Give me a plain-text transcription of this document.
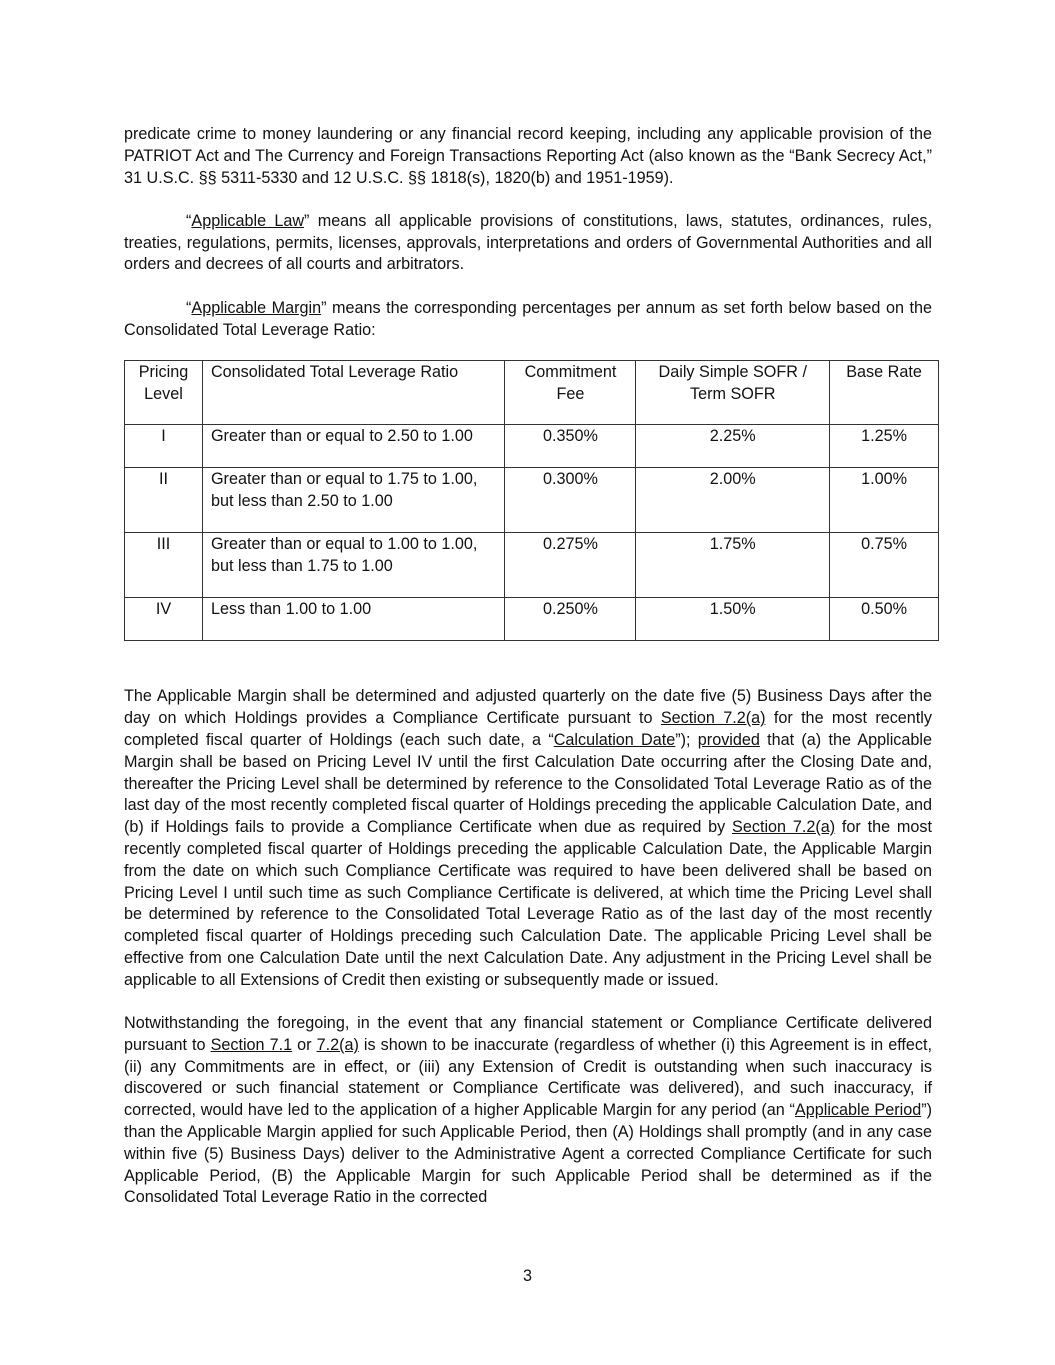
predicate crime to money laundering or any financial record keeping, including any applicable provision of the PATRIOT Act and The Currency and Foreign Transactions Reporting Act (also known as the “Bank Secrecy Act,” 31 U.S.C. §§ 5311-5330 and 12 U.S.C. §§ 1818(s), 1820(b) and 1951-1959).

“Applicable Law” means all applicable provisions of constitutions, laws, statutes, ordinances, rules, treaties, regulations, permits, licenses, approvals, interpretations and orders of Governmental Authorities and all orders and decrees of all courts and arbitrators.

“Applicable Margin” means the corresponding percentages per annum as set forth below based on the Consolidated Total Leverage Ratio:

Pricing Level	Consolidated Total Leverage Ratio	Commitment Fee	Daily Simple SOFR / Term SOFR	Base Rate
I	Greater than or equal to 2.50 to 1.00	0.350%	2.25%	1.25%
II	Greater than or equal to 1.75 to 1.00, but less than 2.50 to 1.00	0.300%	2.00%	1.00%
III	Greater than or equal to 1.00 to 1.00, but less than 1.75 to 1.00	0.275%	1.75%	0.75%
IV	Less than 1.00 to 1.00	0.250%	1.50%	0.50%

The Applicable Margin shall be determined and adjusted quarterly on the date five (5) Business Days after the day on which Holdings provides a Compliance Certificate pursuant to Section 7.2(a) for the most recently completed fiscal quarter of Holdings (each such date, a “Calculation Date”); provided that (a) the Applicable Margin shall be based on Pricing Level IV until the first Calculation Date occurring after the Closing Date and, thereafter the Pricing Level shall be determined by reference to the Consolidated Total Leverage Ratio as of the last day of the most recently completed fiscal quarter of Holdings preceding the applicable Calculation Date, and (b) if Holdings fails to provide a Compliance Certificate when due as required by Section 7.2(a) for the most recently completed fiscal quarter of Holdings preceding the applicable Calculation Date, the Applicable Margin from the date on which such Compliance Certificate was required to have been delivered shall be based on Pricing Level I until such time as such Compliance Certificate is delivered, at which time the Pricing Level shall be determined by reference to the Consolidated Total Leverage Ratio as of the last day of the most recently completed fiscal quarter of Holdings preceding such Calculation Date. The applicable Pricing Level shall be effective from one Calculation Date until the next Calculation Date. Any adjustment in the Pricing Level shall be applicable to all Extensions of Credit then existing or subsequently made or issued.

Notwithstanding the foregoing, in the event that any financial statement or Compliance Certificate delivered pursuant to Section 7.1 or 7.2(a) is shown to be inaccurate (regardless of whether (i) this Agreement is in effect, (ii) any Commitments are in effect, or (iii) any Extension of Credit is outstanding when such inaccuracy is discovered or such financial statement or Compliance Certificate was delivered), and such inaccuracy, if corrected, would have led to the application of a higher Applicable Margin for any period (an “Applicable Period”) than the Applicable Margin applied for such Applicable Period, then (A) Holdings shall promptly (and in any case within five (5) Business Days) deliver to the Administrative Agent a corrected Compliance Certificate for such Applicable Period, (B) the Applicable Margin for such Applicable Period shall be determined as if the Consolidated Total Leverage Ratio in the corrected

3
